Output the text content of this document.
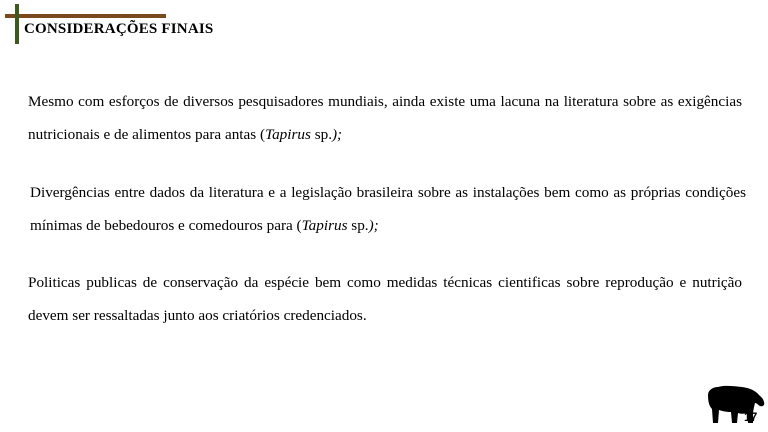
CONSIDERAÇÕES FINAIS

Mesmo com esforços de diversos pesquisadores mundiais, ainda existe uma lacuna na literatura sobre as exigências nutricionais e de alimentos para antas (Tapirus sp.);

Divergências entre dados da literatura e a legislação brasileira sobre as instalações bem como as próprias condições mínimas de bebedouros e comedouros para (Tapirus sp.);

Politicas publicas de conservação da espécie bem como medidas técnicas cientificas sobre reprodução e nutrição devem ser ressaltadas junto aos criatórios credenciados.

17
